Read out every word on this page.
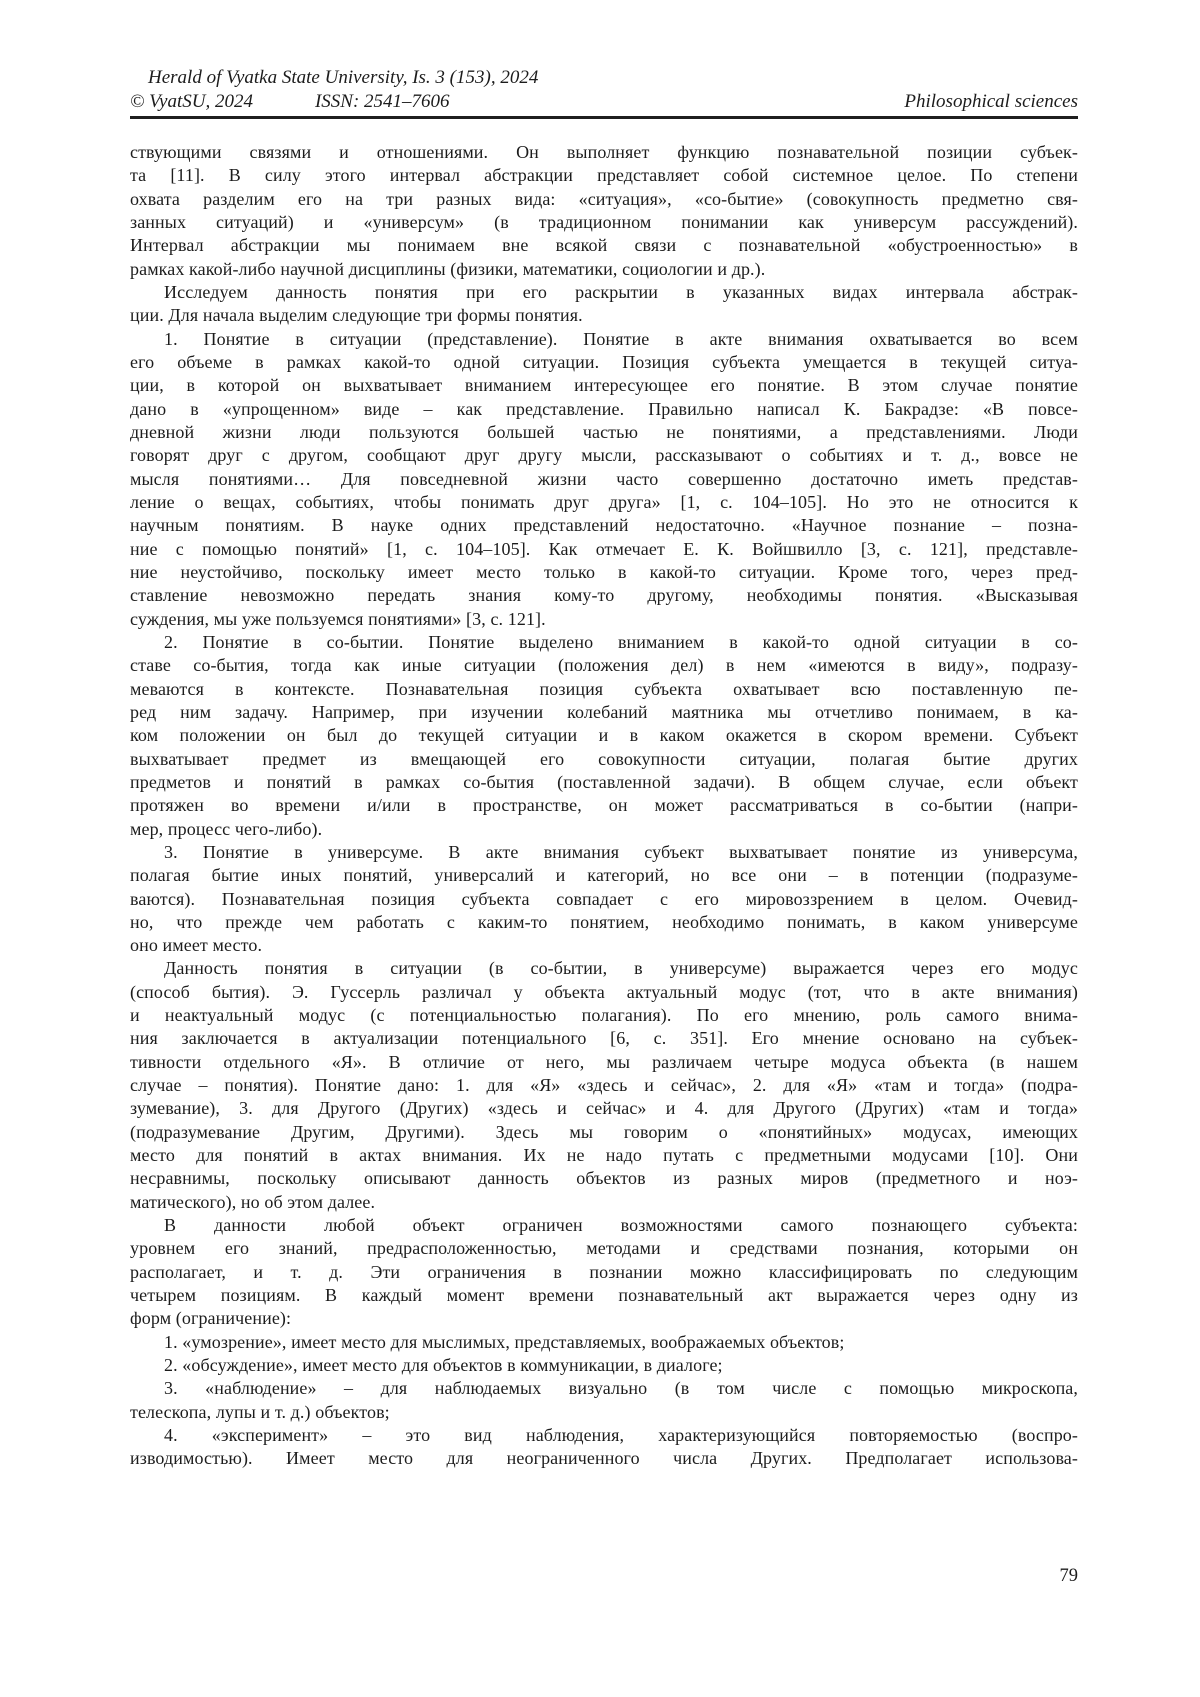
Herald of Vyatka State University, Is. 3 (153), 2024
© VyatSU, 2024	ISSN: 2541–7606	Philosophical sciences
ствующими связями и отношениями. Он выполняет функцию познавательной позиции субъек-
та [11]. В силу этого интервал абстракции представляет собой системное целое. По степени
охвата разделим его на три разных вида: «ситуация», «со-бытие» (совокупность предметно свя-
занных ситуаций) и «универсум» (в традиционном понимании как универсум рассуждений).
Интервал абстракции мы понимаем вне всякой связи с познавательной «обустроенностью» в
рамках какой-либо научной дисциплины (физики, математики, социологии и др.).
Исследуем данность понятия при его раскрытии в указанных видах интервала абстрак-
ции. Для начала выделим следующие три формы понятия.
1. Понятие в ситуации (представление). Понятие в акте внимания охватывается во всем
его объеме в рамках какой-то одной ситуации. Позиция субъекта умещается в текущей ситуа-
ции, в которой он выхватывает вниманием интересующее его понятие. В этом случае понятие
дано в «упрощенном» виде – как представление. Правильно написал К. Бакрадзе: «В повсе-
дневной жизни люди пользуются большей частью не понятиями, а представлениями. Люди
говорят друг с другом, сообщают друг другу мысли, рассказывают о событиях и т. д., вовсе не
мысля понятиями… Для повседневной жизни часто совершенно достаточно иметь представ-
ление о вещах, событиях, чтобы понимать друг друга» [1, с. 104–105]. Но это не относится к
научным понятиям. В науке одних представлений недостаточно. «Научное познание – позна-
ние с помощью понятий» [1, с. 104–105]. Как отмечает Е. К. Войшвилло [3, с. 121], представле-
ние неустойчиво, поскольку имеет место только в какой-то ситуации. Кроме того, через пред-
ставление невозможно передать знания кому-то другому, необходимы понятия. «Высказывая
суждения, мы уже пользуемся понятиями» [3, с. 121].
2. Понятие в со-бытии. Понятие выделено вниманием в какой-то одной ситуации в со-
ставе со-бытия, тогда как иные ситуации (положения дел) в нем «имеются в виду», подразу-
меваются в контексте. Познавательная позиция субъекта охватывает всю поставленную пе-
ред ним задачу. Например, при изучении колебаний маятника мы отчетливо понимаем, в ка-
ком положении он был до текущей ситуации и в каком окажется в скором времени. Субъект
выхватывает предмет из вмещающей его совокупности ситуации, полагая бытие других
предметов и понятий в рамках со-бытия (поставленной задачи). В общем случае, если объект
протяжен во времени и/или в пространстве, он может рассматриваться в со-бытии (напри-
мер, процесс чего-либо).
3. Понятие в универсуме. В акте внимания субъект выхватывает понятие из универсума,
полагая бытие иных понятий, универсалий и категорий, но все они – в потенции (подразуме-
ваются). Познавательная позиция субъекта совпадает с его мировоззрением в целом. Очевид-
но, что прежде чем работать с каким-то понятием, необходимо понимать, в каком универсуме
оно имеет место.
Данность понятия в ситуации (в со-бытии, в универсуме) выражается через его модус
(способ бытия). Э. Гуссерль различал у объекта актуальный модус (тот, что в акте внимания)
и неактуальный модус (с потенциальностью полагания). По его мнению, роль самого внима-
ния заключается в актуализации потенциального [6, с. 351]. Его мнение основано на субъек-
тивности отдельного «Я». В отличие от него, мы различаем четыре модуса объекта (в нашем
случае – понятия). Понятие дано: 1. для «Я» «здесь и сейчас», 2. для «Я» «там и тогда» (подра-
зумевание), 3. для Другого (Других) «здесь и сейчас» и 4. для Другого (Других) «там и тогда»
(подразумевание Другим, Другими). Здесь мы говорим о «понятийных» модусах, имеющих
место для понятий в актах внимания. Их не надо путать с предметными модусами [10]. Они
несравнимы, поскольку описывают данность объектов из разных миров (предметного и ноэ-
матического), но об этом далее.
В данности любой объект ограничен возможностями самого познающего субъекта:
уровнем его знаний, предрасположенностью, методами и средствами познания, которыми он
располагает, и т. д. Эти ограничения в познании можно классифицировать по следующим
четырем позициям. В каждый момент времени познавательный акт выражается через одну из
форм (ограничение):
1. «умозрение», имеет место для мыслимых, представляемых, воображаемых объектов;
2. «обсуждение», имеет место для объектов в коммуникации, в диалоге;
3. «наблюдение» – для наблюдаемых визуально (в том числе с помощью микроскопа,
телескопа, лупы и т. д.) объектов;
4. «эксперимент» – это вид наблюдения, характеризующийся повторяемостью (воспро-
изводимостью). Имеет место для неограниченного числа Других. Предполагает использова-
79
